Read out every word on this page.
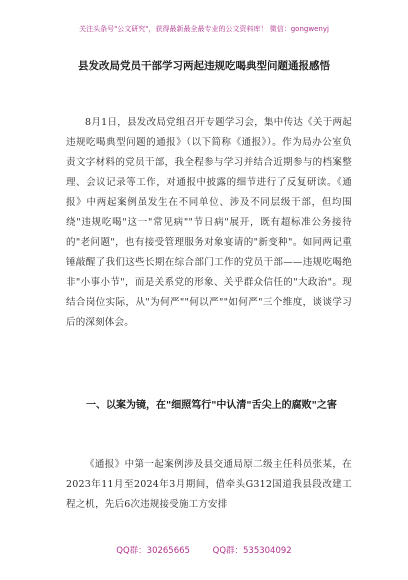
关注头条号"公文研究"，获得最新最全最专业的公文资料库！ 微信：gongwenyj
县发改局党员干部学习两起违规吃喝典型问题通报感悟

8月1日，县发改局党组召开专题学习会，集中传达《关于两起违规吃喝典型问题的通报》（以下简称《通报》）。作为局办公室负责文字材料的党员干部，我全程参与学习并结合近期参与的档案整理、会议记录等工作，对通报中披露的细节进行了反复研读。《通报》中两起案例虽发生在不同单位、涉及不同层级干部，但均围绕"违规吃喝"这一"常见病""节日病"展开，既有超标准公务接待的"老问题"，也有接受管理服务对象宴请的"新变种"。如同两记重锤敲醒了我们这些长期在综合部门工作的党员干部——违规吃喝绝非"小事小节"，而是关系党的形象、关乎群众信任的"大政治"。现结合岗位实际，从"为何严""何以严""如何严"三个维度，谈谈学习后的深刻体会。

一、以案为镜，在"细照笃行"中认清"舌尖上的腐败"之害

《通报》中第一起案例涉及县交通局原二级主任科员张某，在2023年11月至2024年3月期间，借牵头G312国道我县段改建工程之机，先后6次违规接受施工方安排

QQ群：30265665	QQ群：535304092
